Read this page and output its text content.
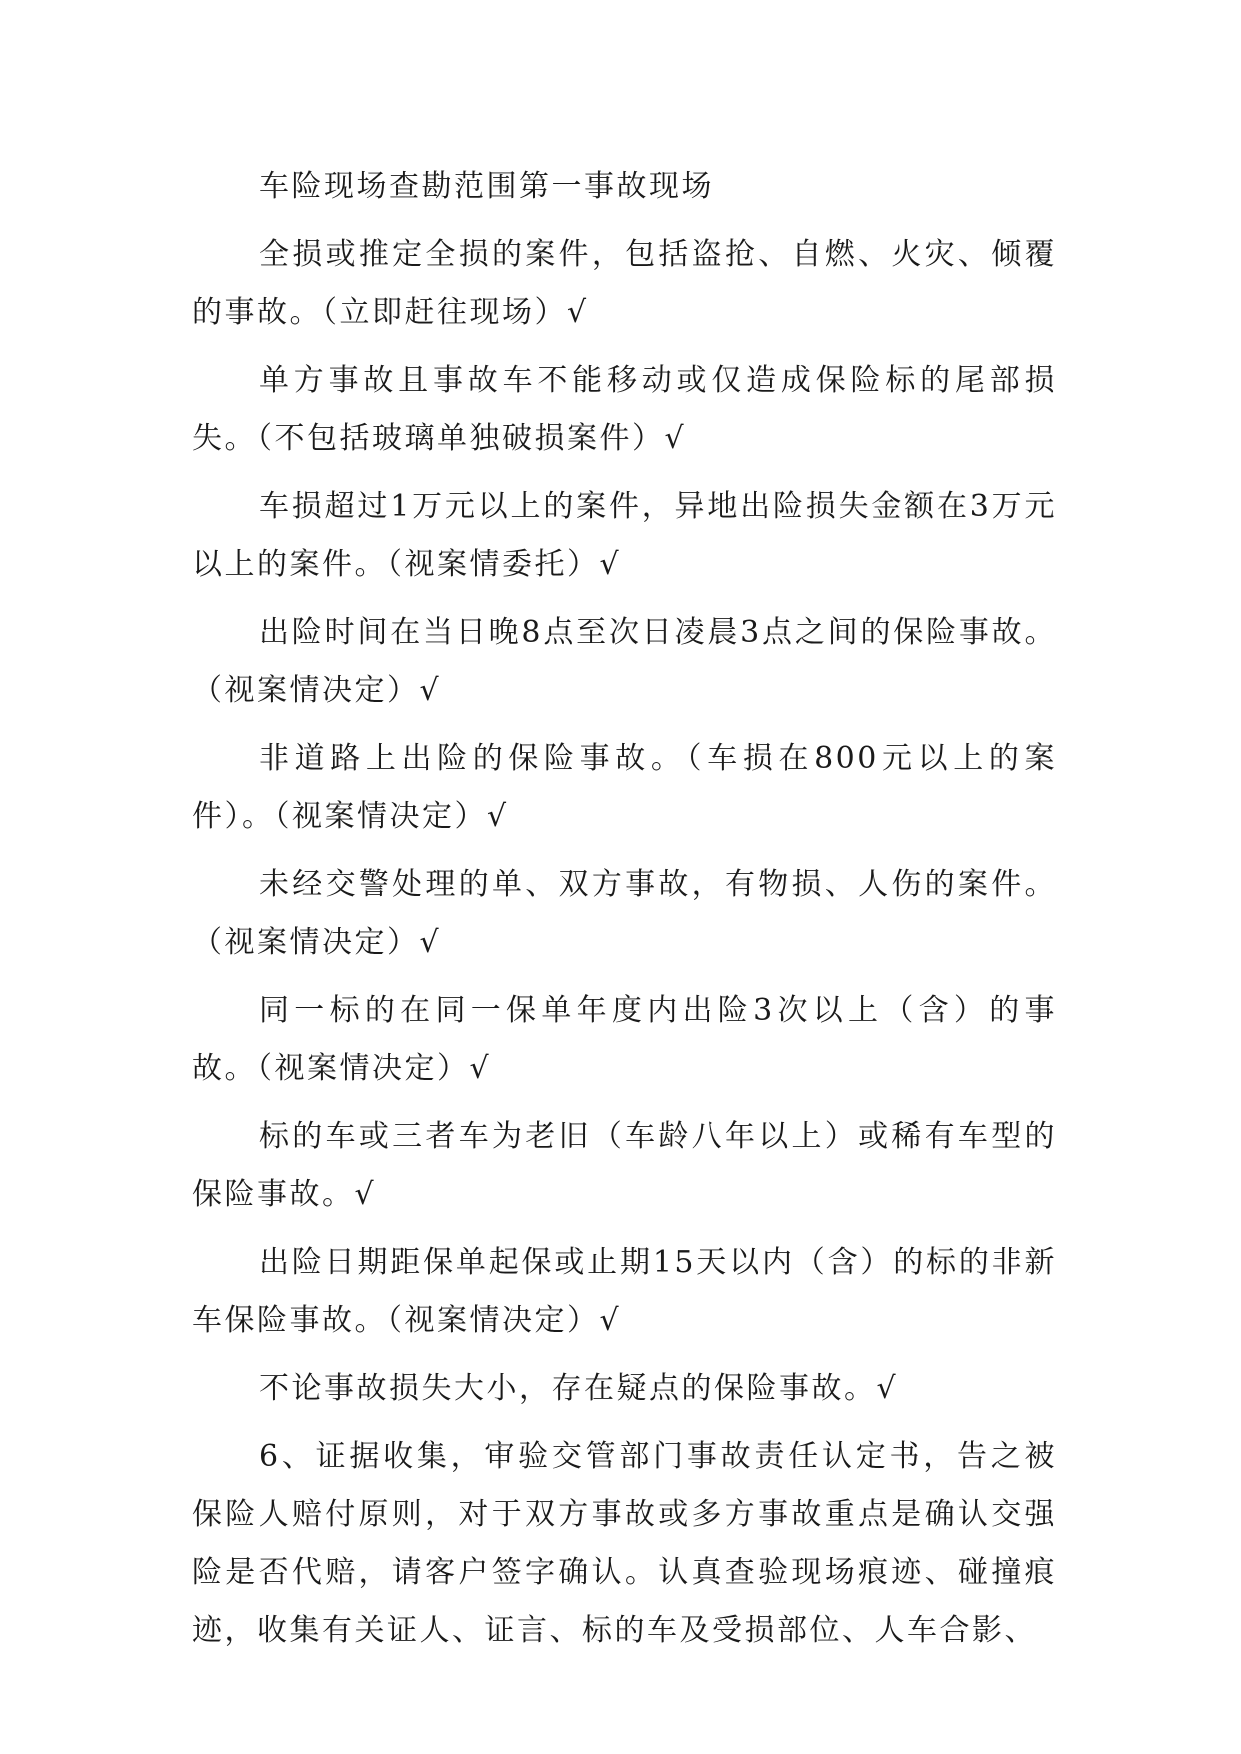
车险现场查勘范围第一事故现场

全损或推定全损的案件，包括盗抢、自燃、火灾、倾覆的事故。（立即赶往现场）√

单方事故且事故车不能移动或仅造成保险标的尾部损失。（不包括玻璃单独破损案件）√

车损超过1万元以上的案件，异地出险损失金额在3万元以上的案件。（视案情委托）√

出险时间在当日晚8点至次日凌晨3点之间的保险事故。（视案情决定）√

非道路上出险的保险事故。（车损在800元以上的案件）。（视案情决定）√

未经交警处理的单、双方事故，有物损、人伤的案件。（视案情决定）√

同一标的在同一保单年度内出险3次以上（含）的事故。（视案情决定）√

标的车或三者车为老旧（车龄八年以上）或稀有车型的保险事故。√

出险日期距保单起保或止期15天以内（含）的标的非新车保险事故。（视案情决定）√

不论事故损失大小，存在疑点的保险事故。√

6、证据收集，审验交管部门事故责任认定书，告之被保险人赔付原则，对于双方事故或多方事故重点是确认交强险是否代赔，请客户签字确认。认真查验现场痕迹、碰撞痕迹，收集有关证人、证言、标的车及受损部位、人车合影、
